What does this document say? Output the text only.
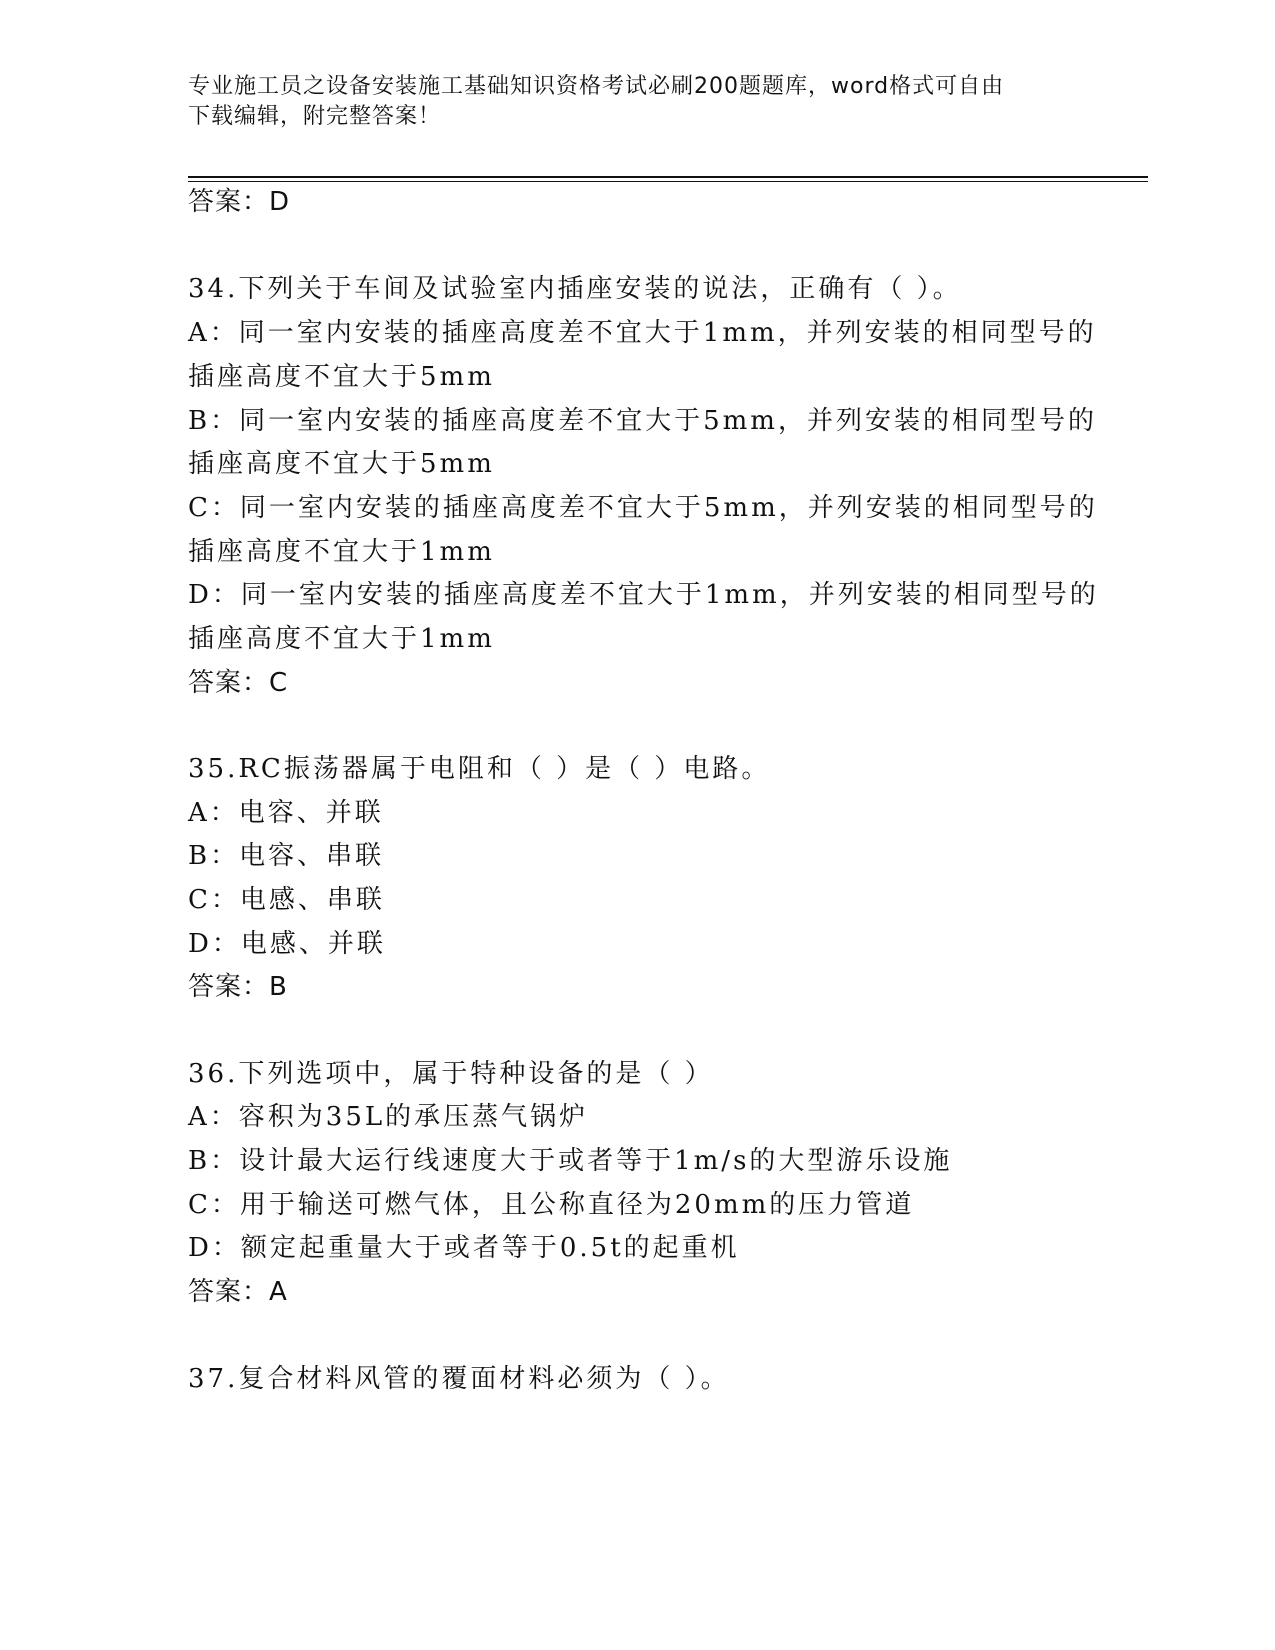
专业施工员之设备安装施工基础知识资格考试必刷200题题库，word格式可自由
下载编辑，附完整答案！
答案：D
34.下列关于车间及试验室内插座安装的说法，正确有（ ）。
A：同一室内安装的插座高度差不宜大于1mm，并列安装的相同型号的
插座高度不宜大于5mm
B：同一室内安装的插座高度差不宜大于5mm，并列安装的相同型号的
插座高度不宜大于5mm
C：同一室内安装的插座高度差不宜大于5mm，并列安装的相同型号的
插座高度不宜大于1mm
D：同一室内安装的插座高度差不宜大于1mm，并列安装的相同型号的
插座高度不宜大于1mm
答案：C
35.RC振荡器属于电阻和（ ）是（ ）电路。
A：电容、并联
B：电容、串联
C：电感、串联
D：电感、并联
答案：B
36.下列选项中，属于特种设备的是（ ）
A：容积为35L的承压蒸气锅炉
B：设计最大运行线速度大于或者等于1m/s的大型游乐设施
C：用于输送可燃气体，且公称直径为20mm的压力管道
D：额定起重量大于或者等于0.5t的起重机
答案：A
37.复合材料风管的覆面材料必须为（ ）。
